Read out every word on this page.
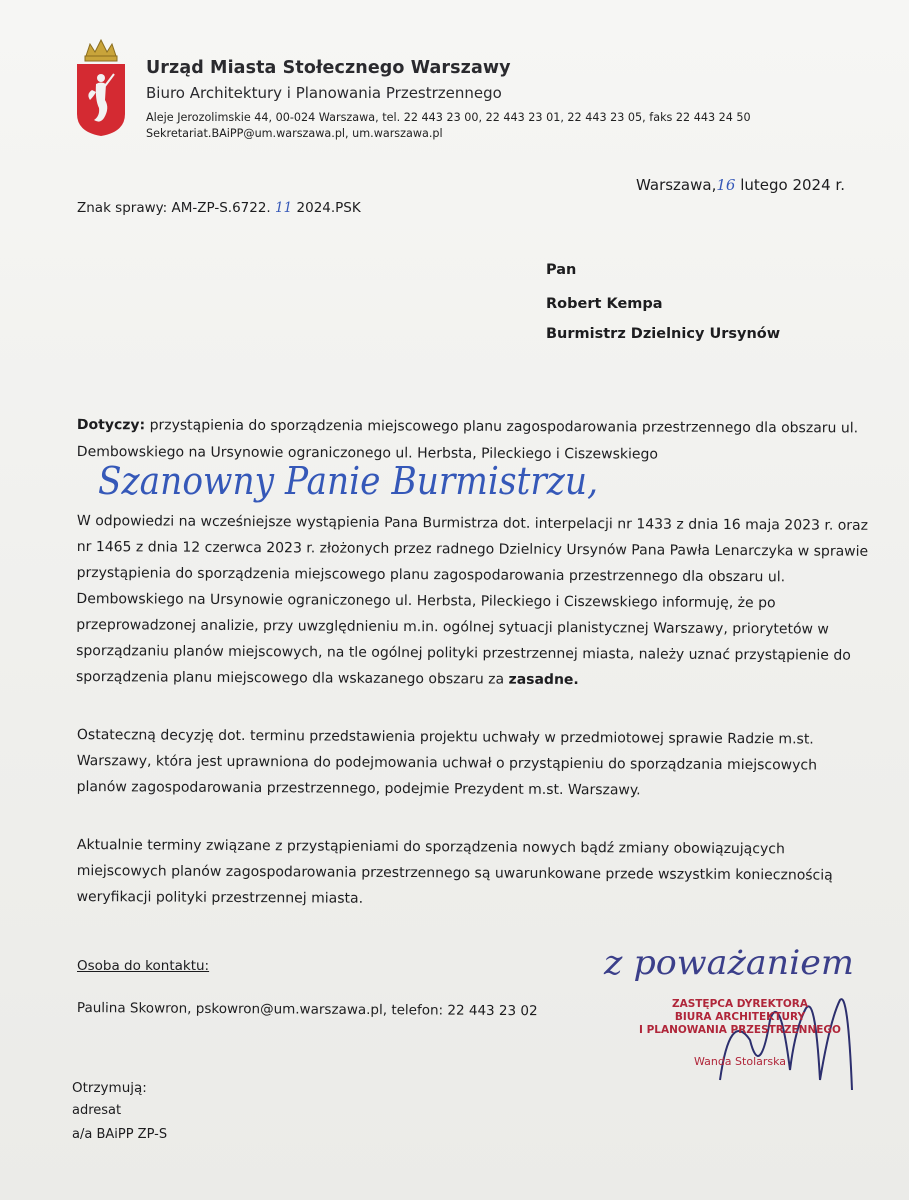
Urząd Miasta Stołecznego Warszawy
Biuro Architektury i Planowania Przestrzennego
Aleje Jerozolimskie 44, 00-024 Warszawa, tel. 22 443 23 00, 22 443 23 01, 22 443 23 05, faks 22 443 24 50
Sekretariat.BAiPP@um.warszawa.pl, um.warszawa.pl
Warszawa,16 lutego 2024 r.
Znak sprawy: AM-ZP-S.6722. 11 2024.PSK
Pan
Robert Kempa
Burmistrz Dzielnicy Ursynów
Dotyczy: przystąpienia do sporządzenia miejscowego planu zagospodarowania przestrzennego dla obszaru ul. Dembowskiego na Ursynowie ograniczonego ul. Herbsta, Pileckiego i Ciszewskiego
Szanowny Panie Burmistrzu,
W odpowiedzi na wcześniejsze wystąpienia Pana Burmistrza dot. interpelacji nr 1433 z dnia 16 maja 2023 r. oraz nr 1465 z dnia 12 czerwca 2023 r. złożonych przez radnego Dzielnicy Ursynów Pana Pawła Lenarczyka w sprawie przystąpienia do sporządzenia miejscowego planu zagospodarowania przestrzennego dla obszaru ul. Dembowskiego na Ursynowie ograniczonego ul. Herbsta, Pileckiego i Ciszewskiego informuję, że po przeprowadzonej analizie, przy uwzględnieniu m.in. ogólnej sytuacji planistycznej Warszawy, priorytetów w sporządzaniu planów miejscowych, na tle ogólnej polityki przestrzennej miasta, należy uznać przystąpienie do sporządzenia planu miejscowego dla wskazanego obszaru za zasadne.
Ostateczną decyzję dot. terminu przedstawienia projektu uchwały w przedmiotowej sprawie Radzie m.st. Warszawy, która jest uprawniona do podejmowania uchwał o przystąpieniu do sporządzania miejscowych planów zagospodarowania przestrzennego, podejmie Prezydent m.st. Warszawy.
Aktualnie terminy związane z przystąpieniami do sporządzenia nowych bądź zmiany obowiązujących miejscowych planów zagospodarowania przestrzennego są uwarunkowane przede wszystkim koniecznością weryfikacji polityki przestrzennej miasta.
Osoba do kontaktu:
Paulina Skowron, pskowron@um.warszawa.pl, telefon: 22 443 23 02
z poważaniem
ZASTĘPCA DYREKTORA
BIURA ARCHITEKTURY
I PLANOWANIA PRZESTRZENNEGO
Wanda Stolarska
Otrzymują:
adresat
a/a BAiPP ZP-S
